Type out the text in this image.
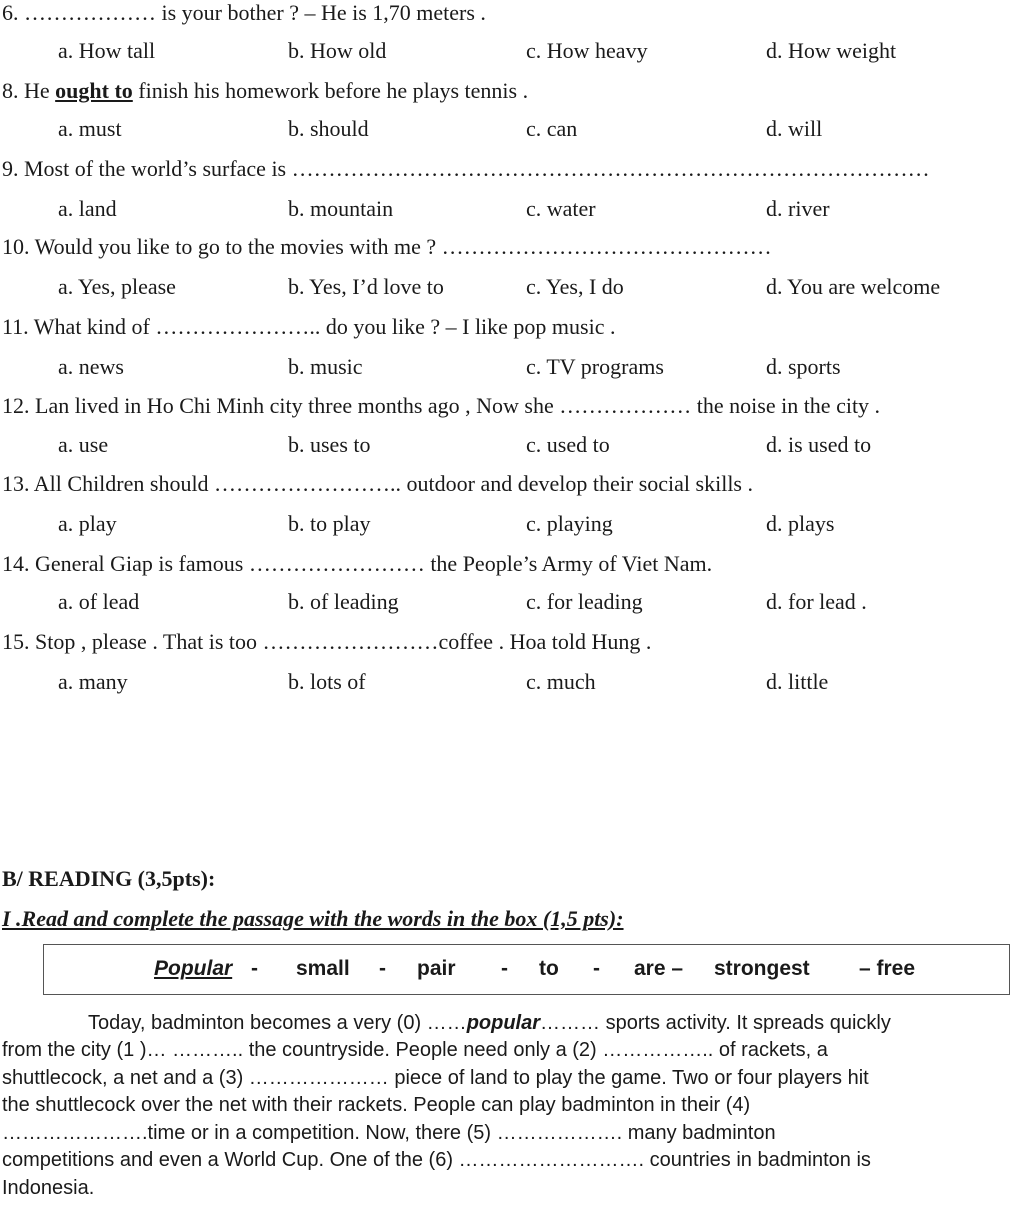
6. ……………… is your bother ? – He is 1,70 meters .
a. How tall	b. How old	c. How heavy	d. How weight
8. He ought to finish his homework before he plays tennis .
a. must	b. should	c. can	d. will
9. Most of the world’s surface is ……………………………………………………………………………
a. land	b. mountain	c. water	d. river
10. Would you like to go to the movies with me ? ………………………………………
a. Yes, please	b. Yes, I’d love to	c. Yes, I do	d. You are welcome
11. What kind of ………………….. do you like ? – I like pop music .
a. news	b. music	c. TV programs	d. sports
12. Lan lived in Ho Chi Minh city three months ago , Now she ……………… the noise in the city .
a. use	b. uses to	c. used to	d. is used to
13. All Children should …………………….. outdoor and develop their social skills .
a. play	b. to play	c. playing	d. plays
14. General Giap is famous …………………… the People’s Army of Viet Nam.
a. of lead	b. of leading	c. for leading	d. for lead .
15. Stop , please . That is too ……………………coffee . Hoa told Hung .
a. many	b. lots of	c. much	d. little
B/ READING (3,5pts):
I .Read and complete the passage with the words in the box (1,5 pts):
Popular - small - pair - to - are – strongest – free
Today, badminton becomes a very (0) ……popular……… sports activity. It spreads quickly
from the city (1 )… ……….. the countryside. People need only a (2) …………….. of rackets, a
shuttlecock, a net and a (3) ………………… piece of land to play the game. Two or four players hit
the shuttlecock over the net with their rackets. People can play badminton in their (4)
………………….time or in a competition. Now, there (5) ………………. many badminton
competitions and even a World Cup. One of the (6) ………………………. countries in badminton is
Indonesia.
